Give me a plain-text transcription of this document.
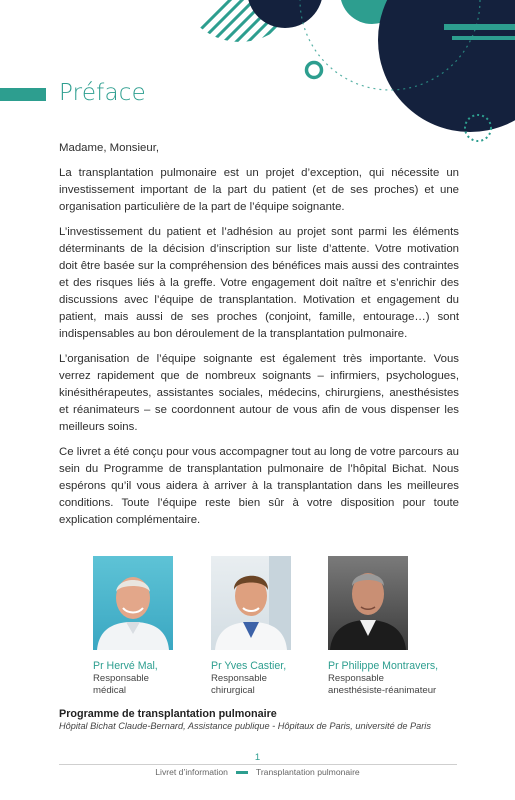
Préface

Madame, Monsieur,

La transplantation pulmonaire est un projet d’exception, qui nécessite un investissement important de la part du patient (et de ses proches) et une organisation particulière de la part de l’équipe soignante.

L’investissement du patient et l’adhésion au projet sont parmi les éléments déterminants de la décision d’inscription sur liste d’attente. Votre motivation doit être basée sur la compréhension des bénéfices mais aussi des contraintes et des risques liés à la greffe. Votre engagement doit naître et s’enrichir des discussions avec l’équipe de transplantation. Motivation et engagement du patient, mais aussi de ses proches (conjoint, famille, entourage…) sont indispensables au bon déroulement de la transplantation pulmonaire.

L’organisation de l’équipe soignante est également très importante. Vous verrez rapidement que de nombreux soignants – infirmiers, psychologues, kinésithérapeutes, assistantes sociales, médecins, chirurgiens, anesthésistes et réanimateurs – se coordonnent autour de vous afin de vous dispenser les meilleurs soins.

Ce livret a été conçu pour vous accompagner tout au long de votre parcours au sein du Programme de transplantation pulmonaire de l’hôpital Bichat. Nous espérons qu’il vous aidera à arriver à la transplantation dans les meilleures conditions. Toute l’équipe reste bien sûr à votre disposition pour toute explication complémentaire.

Pr Hervé Mal,
Responsable
médical
Pr Yves Castier,
Responsable
chirurgical
Pr Philippe Montravers,
Responsable
anesthésiste-réanimateur
Programme de transplantation pulmonaire
Hôpital Bichat Claude-Bernard, Assistance publique - Hôpitaux de Paris, université de Paris
1
Livret d’information	Transplantation pulmonaire
